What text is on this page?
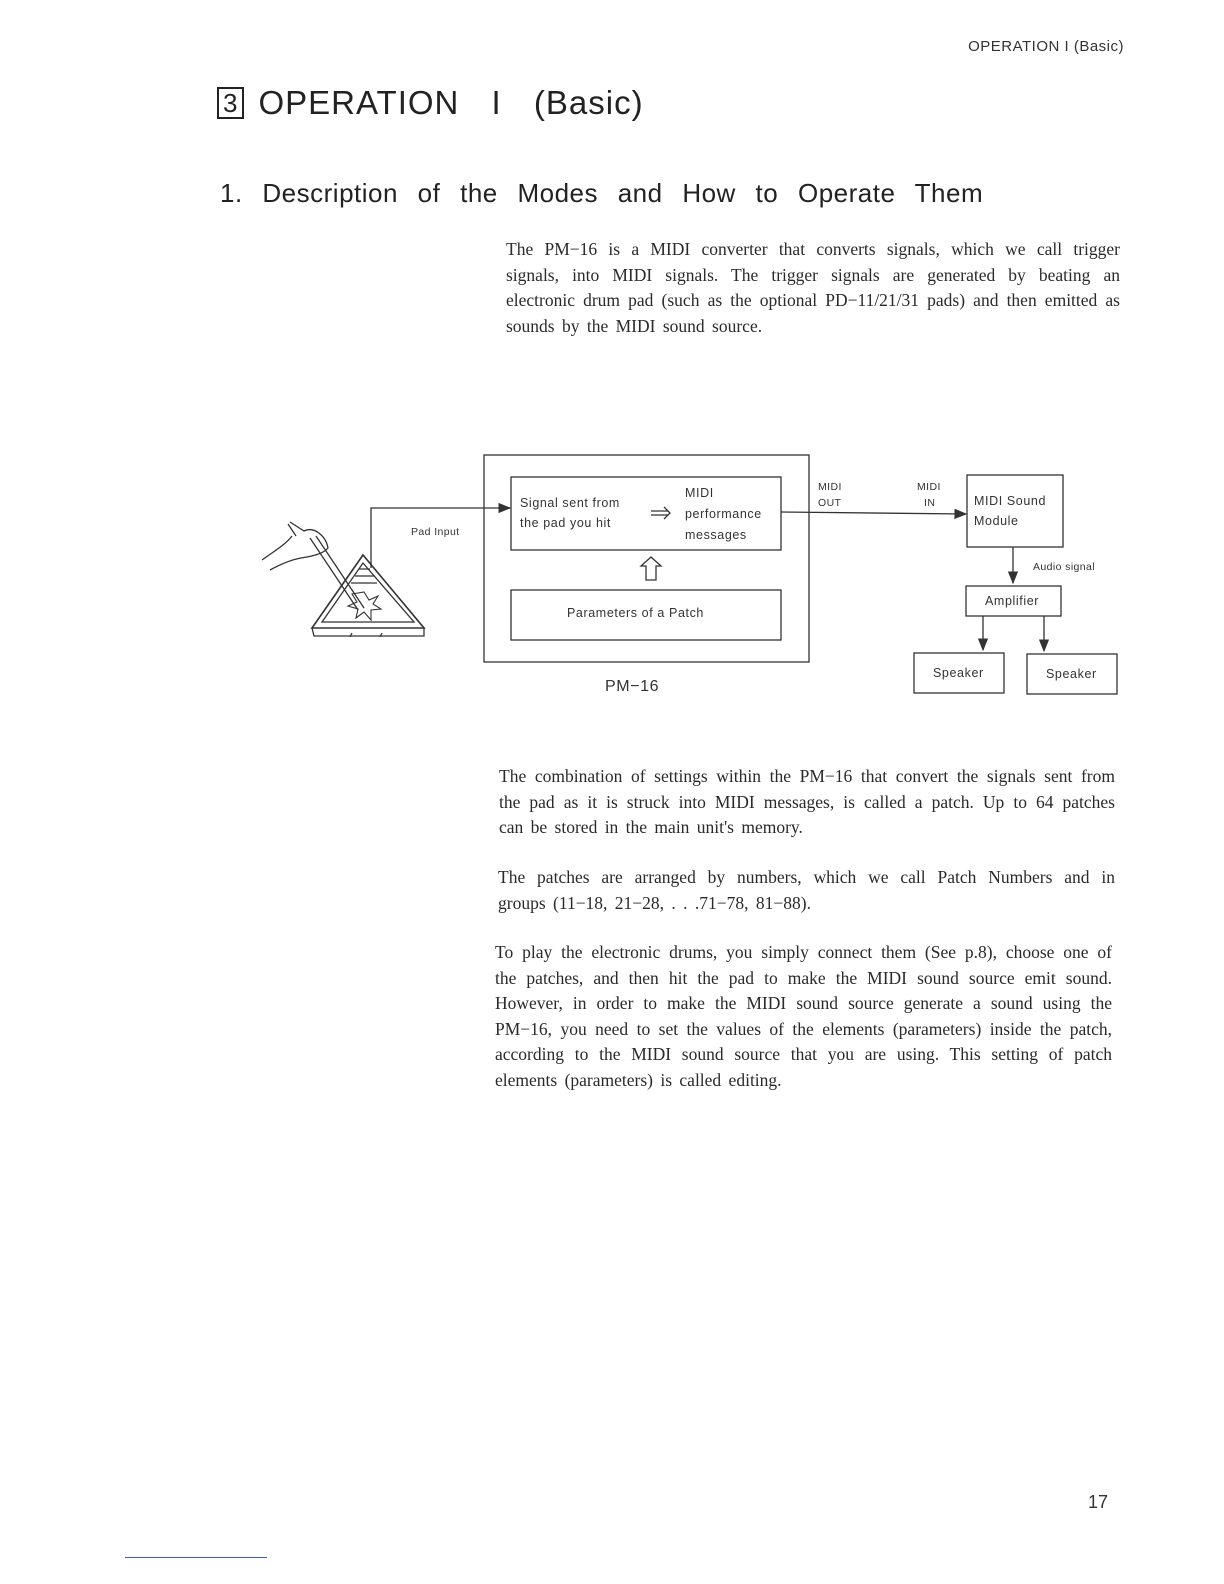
OPERATION I (Basic)
3 OPERATION I (Basic)
1. Description of the Modes and How to Operate Them

The PM−16 is a MIDI converter that converts signals, which we call trigger signals, into MIDI signals. The trigger signals are generated by beating an electronic drum pad (such as the optional PD−11/21/31 pads) and then emitted as sounds by the MIDI sound source.

Pad Input
Signal sent from
the pad you hit
MIDI
performance
messages
Parameters of a Patch
PM−16
MIDI
OUT
MIDI
IN	MIDI Sound
Module
Audio signal
Amplifier
Speaker	Speaker

The combination of settings within the PM−16 that convert the signals sent from the pad as it is struck into MIDI messages, is called a patch. Up to 64 patches can be stored in the main unit's memory.

The patches are arranged by numbers, which we call Patch Numbers and in groups (11−18, 21−28, . . .71−78, 81−88).

To play the electronic drums, you simply connect them (See p.8), choose one of the patches, and then hit the pad to make the MIDI sound source emit sound. However, in order to make the MIDI sound source generate a sound using the PM−16, you need to set the values of the elements (parameters) inside the patch, according to the MIDI sound source that you are using. This setting of patch elements (parameters) is called editing.

17
